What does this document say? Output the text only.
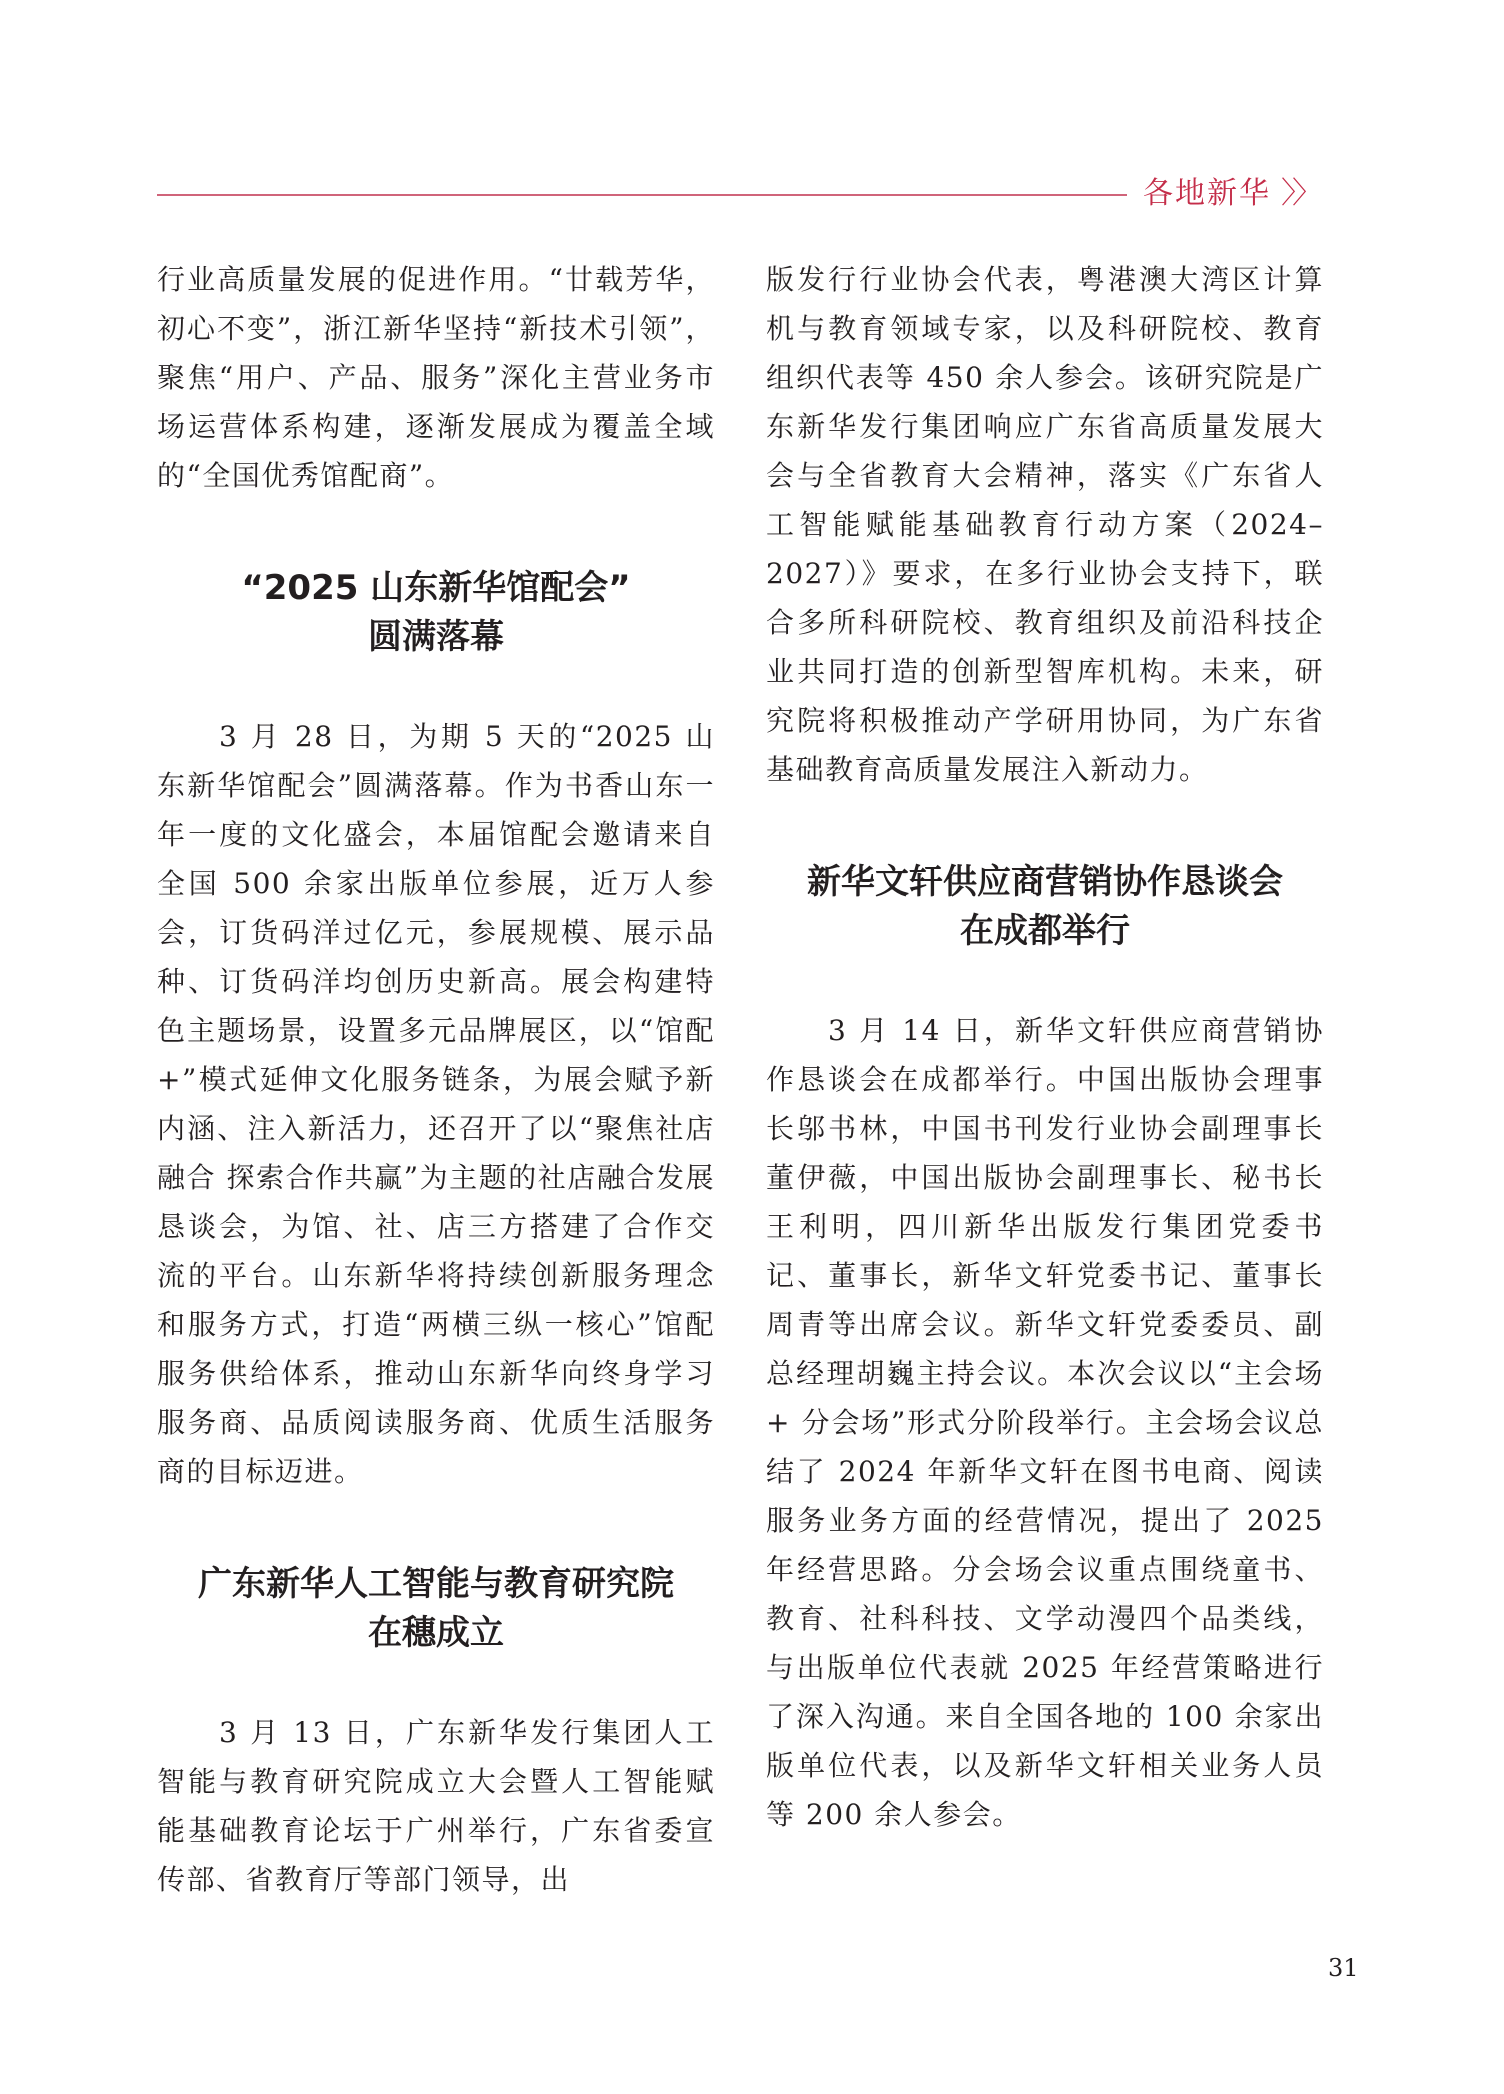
各地新华 〉〉

行业高质量发展的促进作用。“廿载芳华，初心不变”，浙江新华坚持“新技术引领”，聚焦“用户、产品、服务”深化主营业务市场运营体系构建，逐渐发展成为覆盖全域的“全国优秀馆配商”。

“2025 山东新华馆配会”
圆满落幕

3 月 28 日，为期 5 天的“2025 山东新华馆配会”圆满落幕。作为书香山东一年一度的文化盛会，本届馆配会邀请来自全国 500 余家出版单位参展，近万人参会，订货码洋过亿元，参展规模、展示品种、订货码洋均创历史新高。展会构建特色主题场景，设置多元品牌展区，以“馆配 +”模式延伸文化服务链条，为展会赋予新内涵、注入新活力，还召开了以“聚焦社店融合 探索合作共赢”为主题的社店融合发展恳谈会，为馆、社、店三方搭建了合作交流的平台。山东新华将持续创新服务理念和服务方式，打造“两横三纵一核心”馆配服务供给体系，推动山东新华向终身学习服务商、品质阅读服务商、优质生活服务商的目标迈进。

广东新华人工智能与教育研究院
在穗成立

3 月 13 日，广东新华发行集团人工智能与教育研究院成立大会暨人工智能赋能基础教育论坛于广州举行，广东省委宣传部、省教育厅等部门领导，出

版发行行业协会代表，粤港澳大湾区计算机与教育领域专家，以及科研院校、教育组织代表等 450 余人参会。该研究院是广东新华发行集团响应广东省高质量发展大会与全省教育大会精神，落实《广东省人工智能赋能基础教育行动方案（2024–2027）》要求，在多行业协会支持下，联合多所科研院校、教育组织及前沿科技企业共同打造的创新型智库机构。未来，研究院将积极推动产学研用协同，为广东省基础教育高质量发展注入新动力。

新华文轩供应商营销协作恳谈会
在成都举行

3 月 14 日，新华文轩供应商营销协作恳谈会在成都举行。中国出版协会理事长邬书林，中国书刊发行业协会副理事长董伊薇，中国出版协会副理事长、秘书长王利明，四川新华出版发行集团党委书记、董事长，新华文轩党委书记、董事长周青等出席会议。新华文轩党委委员、副总经理胡巍主持会议。本次会议以“主会场 + 分会场”形式分阶段举行。主会场会议总结了 2024 年新华文轩在图书电商、阅读服务业务方面的经营情况，提出了 2025 年经营思路。分会场会议重点围绕童书、教育、社科科技、文学动漫四个品类线，与出版单位代表就 2025 年经营策略进行了深入沟通。来自全国各地的 100 余家出版单位代表，以及新华文轩相关业务人员等 200 余人参会。

31
